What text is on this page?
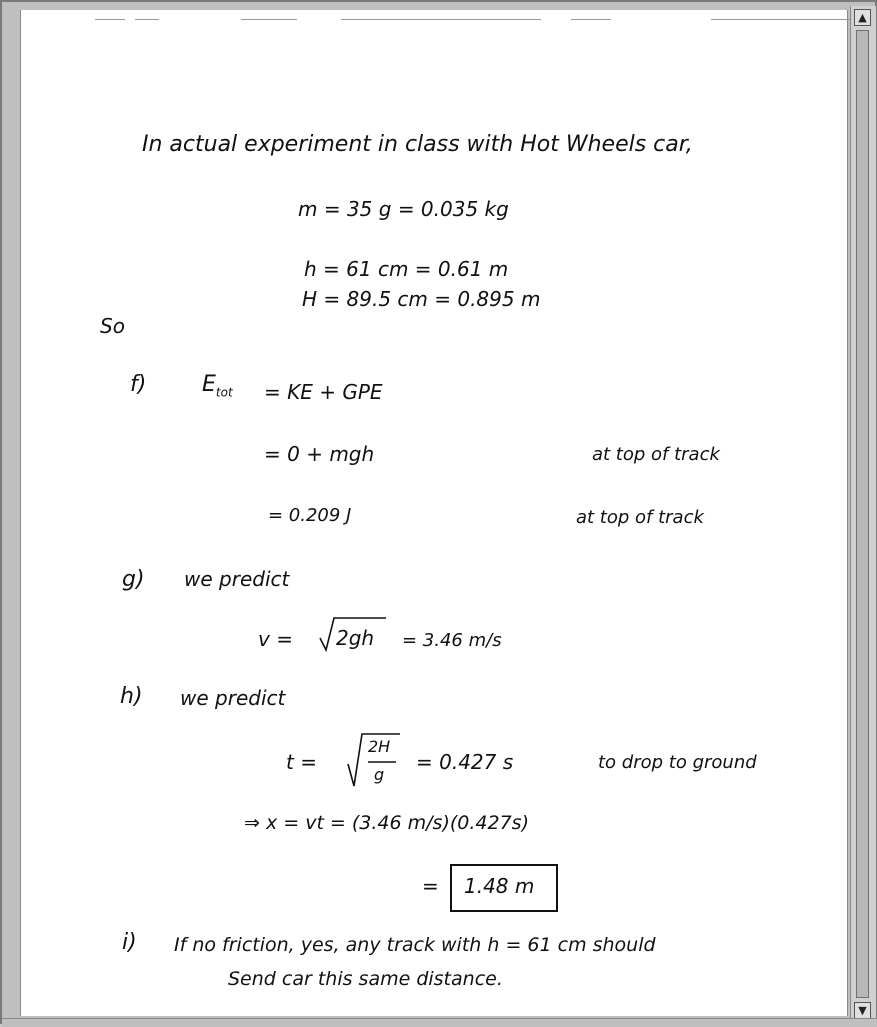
In actual experiment in class with Hot Wheels car,
m = 35 g = 0.035 kg
h = 61 cm = 0.61 m
H = 89.5 cm = 0.895 m
So
f)	$E_{tot}$ = KE + GPE
= 0 + mgh	at top of track
= 0.209 J	at top of track
g) we predict
v = 2gh = 3.46 m/s
h) we predict
t =
2H
g
= 0.427 s	to drop to ground
⇒ x = vt = (3.46 m/s)(0.427s)
= 1.48 m
i) If no friction, yes, any track with h = 61 cm should
Send car this same distance.
▲
▼
